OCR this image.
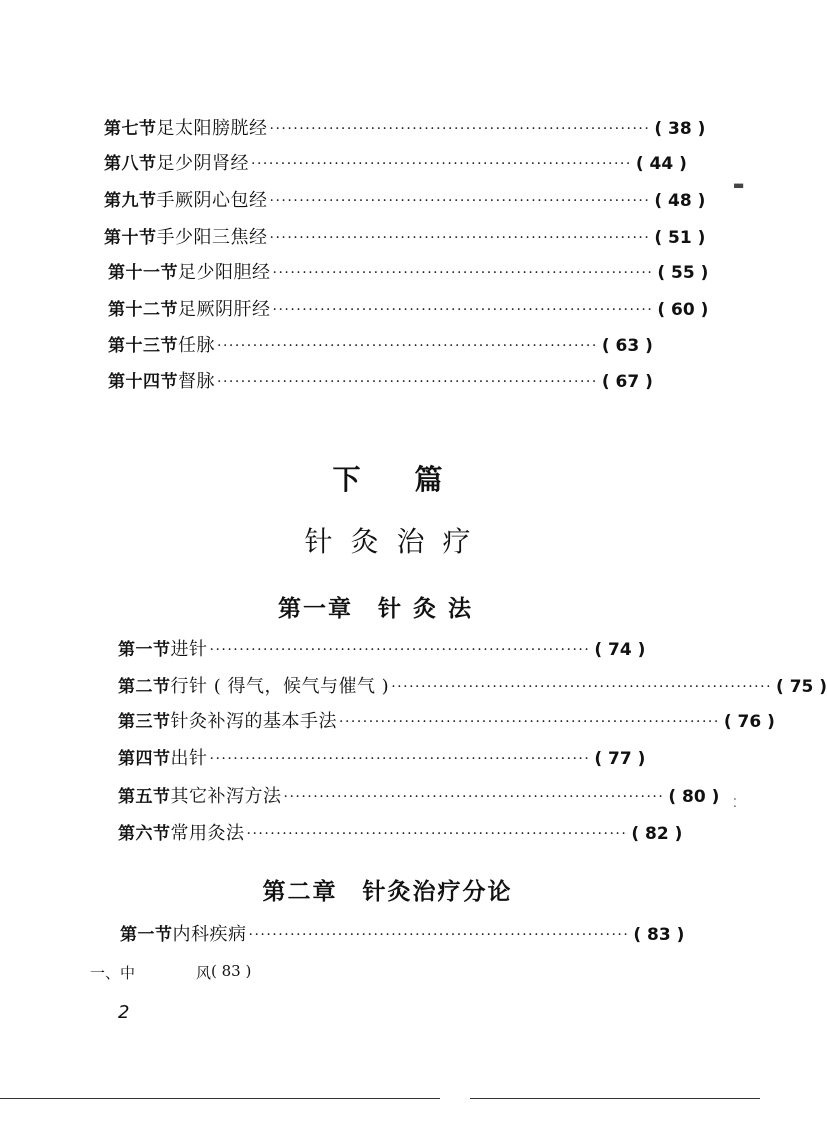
第七节 足太阳膀胱经 ································································ ( 38 )
第八节 足少阴肾经 ································································ ( 44 )
第九节 手厥阴心包经 ································································ ( 48 )
第十节 手少阳三焦经 ································································ ( 51 )
第十一节 足少阳胆经 ································································ ( 55 )
第十二节 足厥阴肝经 ································································ ( 60 )
第十三节 任 脉 ································································ ( 63 )
第十四节 督 脉 ································································ ( 67 )
下篇
针灸治疗
第一章　针 灸 法
第一节 进针 ································································ ( 74 )
第二节 行针 ( 得气，候气与催气 ) ································································ ( 75 )
第三节 针灸补泻的基本手法 ································································ ( 76 )
第四节 出针 ································································ ( 77 )
第五节 其它补泻方法 ································································ ( 80 )
第六节 常用灸法 ································································ ( 82 )
第二章　针灸治疗分论
第一节 内科疾病 ································································ ( 83 )
一、中	风 ( 83 )
2
▬
⁚
